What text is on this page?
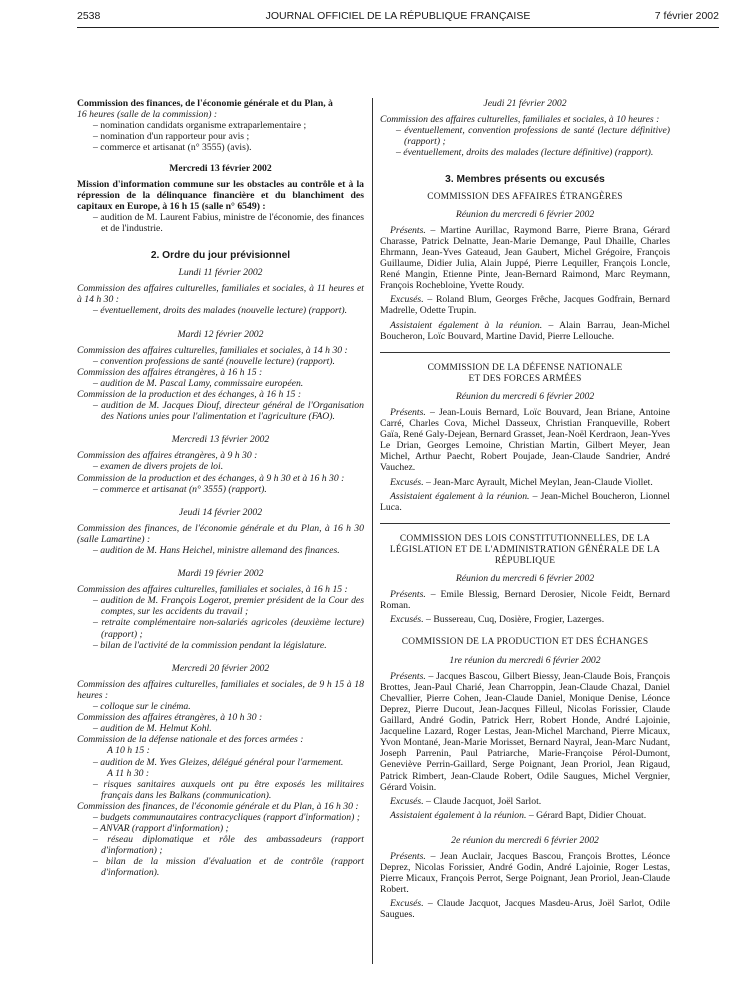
2538	JOURNAL OFFICIEL DE LA RÉPUBLIQUE FRANÇAISE	7 février 2002

Commission des finances, de l'économie générale et du Plan, à

16 heures (salle de la commission) :

– nomination candidats organisme extraparlementaire ;

– nomination d'un rapporteur pour avis ;

– commerce et artisanat (n° 3555) (avis).

Mercredi 13 février 2002

Mission d'information commune sur les obstacles au contrôle et à la répression de la délinquance financière et du blanchiment des capitaux en Europe, à 16 h 15 (salle n° 6549) :

– audition de M. Laurent Fabius, ministre de l'économie, des finances et de l'industrie.

2. Ordre du jour prévisionnel

Lundi 11 février 2002

Commission des affaires culturelles, familiales et sociales, à 11 heures et à 14 h 30 :

– éventuellement, droits des malades (nouvelle lecture) (rapport).

Mardi 12 février 2002

Commission des affaires culturelles, familiales et sociales, à 14 h 30 :

– convention professions de santé (nouvelle lecture) (rapport).

Commission des affaires étrangères, à 16 h 15 :

– audition de M. Pascal Lamy, commissaire européen.

Commission de la production et des échanges, à 16 h 15 :

– audition de M. Jacques Diouf, directeur général de l'Organisation des Nations unies pour l'alimentation et l'agriculture (FAO).

Mercredi 13 février 2002

Commission des affaires étrangères, à 9 h 30 :

– examen de divers projets de loi.

Commission de la production et des échanges, à 9 h 30 et à 16 h 30 :

– commerce et artisanat (n° 3555) (rapport).

Jeudi 14 février 2002

Commission des finances, de l'économie générale et du Plan, à 16 h 30 (salle Lamartine) :

– audition de M. Hans Heichel, ministre allemand des finances.

Mardi 19 février 2002

Commission des affaires culturelles, familiales et sociales, à 16 h 15 :

– audition de M. François Logerot, premier président de la Cour des comptes, sur les accidents du travail ;

– retraite complémentaire non-salariés agricoles (deuxième lecture) (rapport) ;

– bilan de l'activité de la commission pendant la législature.

Mercredi 20 février 2002

Commission des affaires culturelles, familiales et sociales, de 9 h 15 à 18 heures :

– colloque sur le cinéma.

Commission des affaires étrangères, à 10 h 30 :

– audition de M. Helmut Kohl.

Commission de la défense nationale et des forces armées :

A 10 h 15 :

– audition de M. Yves Gleizes, délégué général pour l'armement.

A 11 h 30 :

– risques sanitaires auxquels ont pu être exposés les militaires français dans les Balkans (communication).

Commission des finances, de l'économie générale et du Plan, à 16 h 30 :

– budgets communautaires contracycliques (rapport d'information) ;

– ANVAR (rapport d'information) ;

– réseau diplomatique et rôle des ambassadeurs (rapport d'information) ;

– bilan de la mission d'évaluation et de contrôle (rapport d'information).

Jeudi 21 février 2002

Commission des affaires culturelles, familiales et sociales, à 10 heures :

– éventuellement, convention professions de santé (lecture définitive) (rapport) ;

– éventuellement, droits des malades (lecture définitive) (rapport).

3. Membres présents ou excusés

COMMISSION DES AFFAIRES ÉTRANGÈRES

Réunion du mercredi 6 février 2002

Présents. – Martine Aurillac, Raymond Barre, Pierre Brana, Gérard Charasse, Patrick Delnatte, Jean-Marie Demange, Paul Dhaille, Charles Ehrmann, Jean-Yves Gateaud, Jean Gaubert, Michel Grégoire, François Guillaume, Didier Julia, Alain Juppé, Pierre Lequiller, François Loncle, René Mangin, Etienne Pinte, Jean-Bernard Raimond, Marc Reymann, François Rochebloine, Yvette Roudy.

Excusés. – Roland Blum, Georges Frêche, Jacques Godfrain, Bernard Madrelle, Odette Trupin.

Assistaient également à la réunion. – Alain Barrau, Jean-Michel Boucheron, Loïc Bouvard, Martine David, Pierre Lellouche.

COMMISSION DE LA DÉFENSE NATIONALE

ET DES FORCES ARMÉES

Réunion du mercredi 6 février 2002

Présents. – Jean-Louis Bernard, Loïc Bouvard, Jean Briane, Antoine Carré, Charles Cova, Michel Dasseux, Christian Franqueville, Robert Gaïa, René Galy-Dejean, Bernard Grasset, Jean-Noël Kerdraon, Jean-Yves Le Drian, Georges Lemoine, Christian Martin, Gilbert Meyer, Jean Michel, Arthur Paecht, Robert Poujade, Jean-Claude Sandrier, André Vauchez.

Excusés. – Jean-Marc Ayrault, Michel Meylan, Jean-Claude Viollet.

Assistaient également à la réunion. – Jean-Michel Boucheron, Lionnel Luca.

COMMISSION DES LOIS CONSTITUTIONNELLES, DE LA LÉGISLATION ET DE L'ADMINISTRATION GÉNÉRALE DE LA RÉPUBLIQUE

Réunion du mercredi 6 février 2002

Présents. – Emile Blessig, Bernard Derosier, Nicole Feidt, Bernard Roman.

Excusés. – Bussereau, Cuq, Dosière, Frogier, Lazerges.

COMMISSION DE LA PRODUCTION ET DES ÉCHANGES

1re réunion du mercredi 6 février 2002

Présents. – Jacques Bascou, Gilbert Biessy, Jean-Claude Bois, François Brottes, Jean-Paul Charié, Jean Charroppin, Jean-Claude Chazal, Daniel Chevallier, Pierre Cohen, Jean-Claude Daniel, Monique Denise, Léonce Deprez, Pierre Ducout, Jean-Jacques Filleul, Nicolas Forissier, Claude Gaillard, André Godin, Patrick Herr, Robert Honde, André Lajoinie, Jacqueline Lazard, Roger Lestas, Jean-Michel Marchand, Pierre Micaux, Yvon Montané, Jean-Marie Morisset, Bernard Nayral, Jean-Marc Nudant, Joseph Parrenin, Paul Patriarche, Marie-Françoise Pérol-Dumont, Geneviève Perrin-Gaillard, Serge Poignant, Jean Proriol, Jean Rigaud, Patrick Rimbert, Jean-Claude Robert, Odile Saugues, Michel Vergnier, Gérard Voisin.

Excusés. – Claude Jacquot, Joël Sarlot.

Assistaient également à la réunion. – Gérard Bapt, Didier Chouat.

2e réunion du mercredi 6 février 2002

Présents. – Jean Auclair, Jacques Bascou, François Brottes, Léonce Deprez, Nicolas Forissier, André Godin, André Lajoinie, Roger Lestas, Pierre Micaux, François Perrot, Serge Poignant, Jean Proriol, Jean-Claude Robert.

Excusés. – Claude Jacquot, Jacques Masdeu-Arus, Joël Sarlot, Odile Saugues.
